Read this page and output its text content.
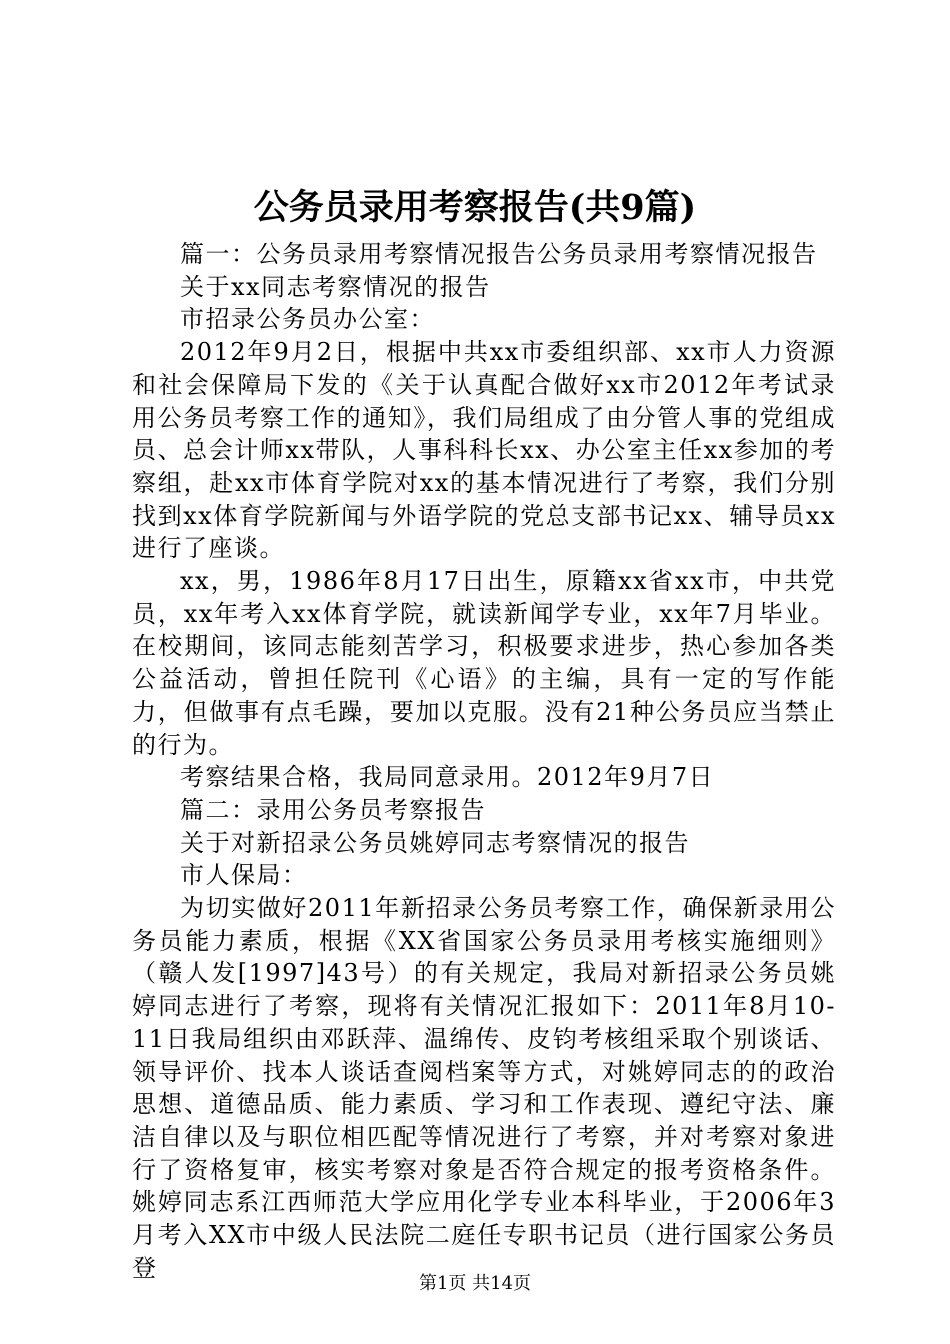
公务员录用考察报告(共9篇)

篇一：公务员录用考察情况报告公务员录用考察情况报告

关于xx同志考察情况的报告

市招录公务员办公室：

2012年9月2日，根据中共xx市委组织部、xx市人力资源和社会保障局下发的《关于认真配合做好xx市2012年考试录用公务员考察工作的通知》，我们局组成了由分管人事的党组成员、总会计师xx带队，人事科科长xx、办公室主任xx参加的考察组，赴xx市体育学院对xx的基本情况进行了考察，我们分别找到xx体育学院新闻与外语学院的党总支部书记xx、辅导员xx进行了座谈。

xx，男，1986年8月17日出生，原籍xx省xx市，中共党员，xx年考入xx体育学院，就读新闻学专业，xx年7月毕业。在校期间，该同志能刻苦学习，积极要求进步，热心参加各类公益活动，曾担任院刊《心语》的主编，具有一定的写作能力，但做事有点毛躁，要加以克服。没有21种公务员应当禁止的行为。

考察结果合格，我局同意录用。2012年9月7日

篇二：录用公务员考察报告

关于对新招录公务员姚婷同志考察情况的报告

市人保局：

为切实做好2011年新招录公务员考察工作，确保新录用公务员能力素质，根据《XX省国家公务员录用考核实施细则》（赣人发[1997]43号）的有关规定，我局对新招录公务员姚婷同志进行了考察，现将有关情况汇报如下：2011年8月10-11日我局组织由邓跃萍、温绵传、皮钧考核组采取个别谈话、领导评价、找本人谈话查阅档案等方式，对姚婷同志的的政治思想、道德品质、能力素质、学习和工作表现、遵纪守法、廉洁自律以及与职位相匹配等情况进行了考察，并对考察对象进行了资格复审，核实考察对象是否符合规定的报考资格条件。姚婷同志系江西师范大学应用化学专业本科毕业，于2006年3月考入XX市中级人民法院二庭任专职书记员（进行国家公务员登

第1页 共14页
